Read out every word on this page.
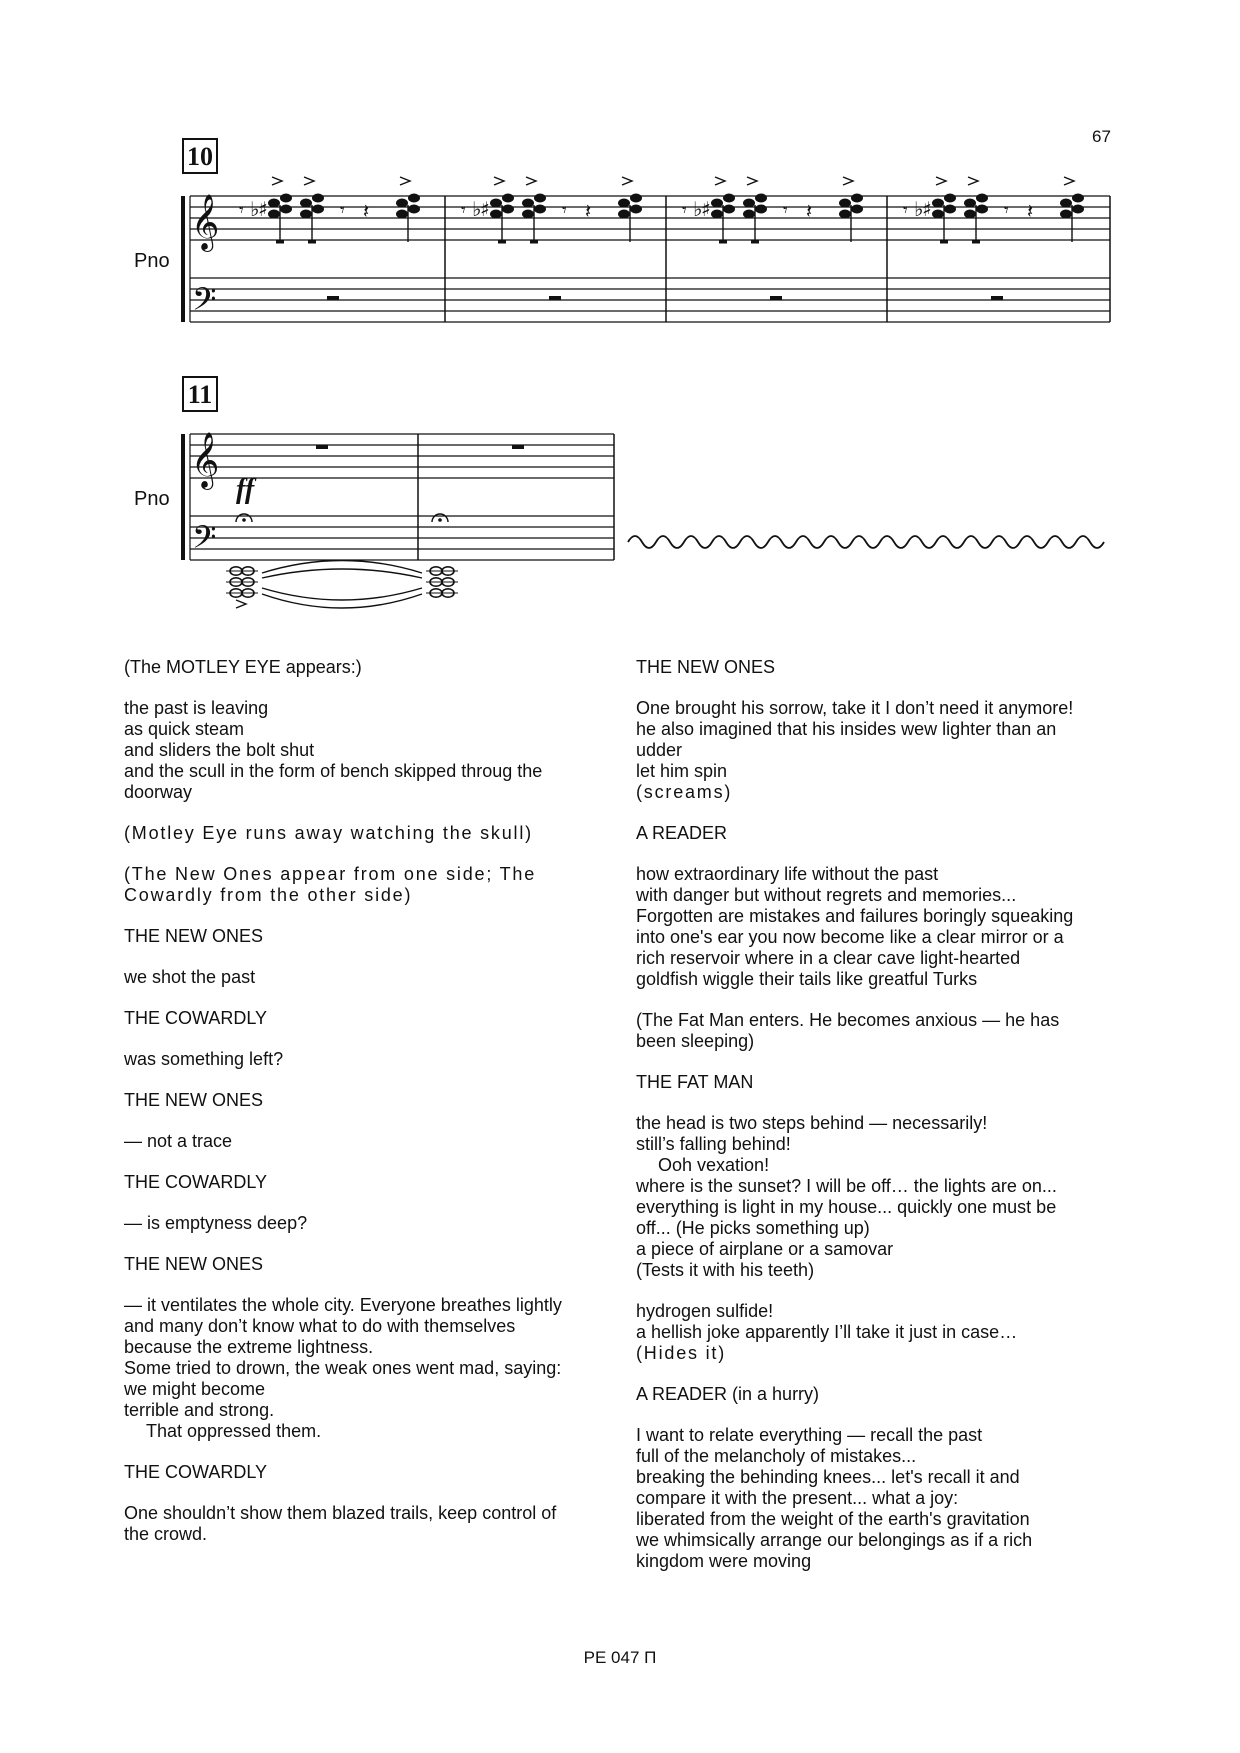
67
10
Pno
𝄞
𝄢
𝄾 ♭
♯	𝄾 𝄽
𝄞
𝄢
11
Pno ff

(The MOTLEY EYE appears:)

the past is leaving

as quick steam

and sliders the bolt shut

and the scull in the form of bench skipped throug the

doorway

(Motley Eye runs away watching the skull)

(The New Ones appear from one side; The

Cowardly from the other side)

THE NEW ONES

we shot the past

THE COWARDLY

was something left?

THE NEW ONES

— not a trace

THE COWARDLY

— is emptyness deep?

THE NEW ONES

— it ventilates the whole city. Everyone breathes lightly

and many don’t know what to do with themselves

because the extreme lightness.

Some tried to drown, the weak ones went mad, saying:

we might become

terrible and strong.

That oppressed them.

THE COWARDLY

One shouldn’t show them blazed trails, keep control of

the crowd.

THE NEW ONES

One brought his sorrow, take it I don’t need it anymore!

he also imagined that his insides wew lighter than an

udder

let him spin

(screams)

A READER

how extraordinary life without the past

with danger but without regrets and memories...

Forgotten are mistakes and failures boringly squeaking

into one's ear you now become like a clear mirror or a

rich reservoir where in a clear cave light-hearted

goldfish wiggle their tails like greatful Turks

(The Fat Man enters. He becomes anxious — he has

been sleeping)

THE FAT MAN

the head is two steps behind — necessarily!

still’s falling behind!

Ooh vexation!

where is the sunset? I will be off… the lights are on...

everything is light in my house... quickly one must be

off... (He picks something up)

a piece of airplane or a samovar

(Tests it with his teeth)

hydrogen sulfide!

a hellish joke apparently I’ll take it just in case…

(Hides it)

A READER (in a hurry)

I want to relate everything — recall the past

full of the melancholy of mistakes...

breaking the behinding knees... let's recall it and

compare it with the present... what a joy:

liberated from the weight of the earth's gravitation

we whimsically arrange our belongings as if a rich

kingdom were moving

PE 047 П
